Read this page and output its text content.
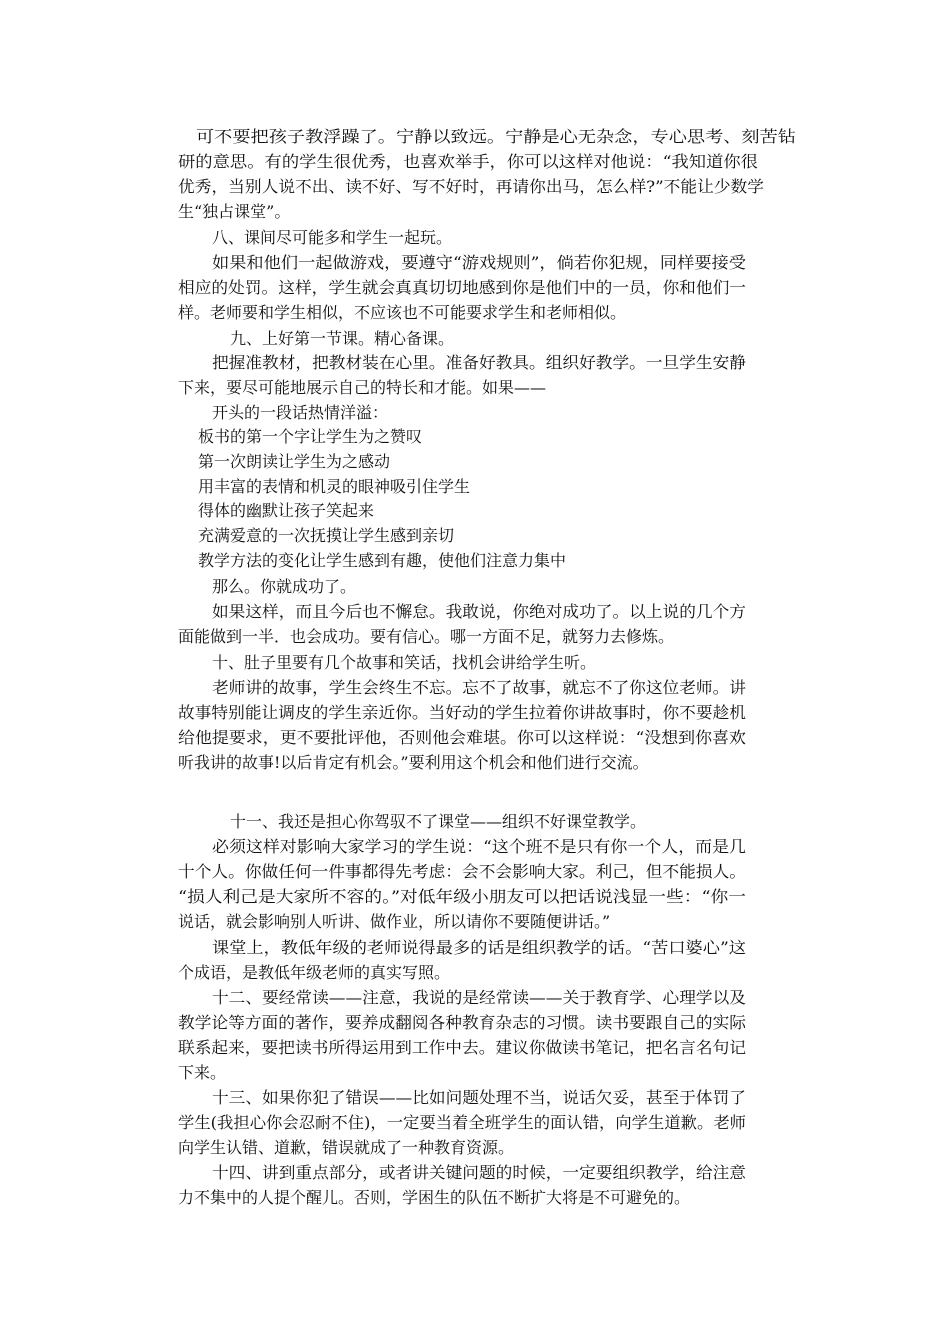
可不要把孩子教浮躁了。宁静以致远。宁静是心无杂念，专心思考、刻苦钻
研的意思。有的学生很优秀，也喜欢举手，你可以这样对他说：“我知道你很
优秀，当别人说不出、读不好、写不好时，再请你出马，怎么样?”不能让少数学
生“独占课堂”。
八、课间尽可能多和学生一起玩。
如果和他们一起做游戏，要遵守“游戏规则”，倘若你犯规，同样要接受
相应的处罚。这样，学生就会真真切切地感到你是他们中的一员，你和他们一
样。老师要和学生相似，不应该也不可能要求学生和老师相似。
九、上好第一节课。精心备课。
把握准教材，把教材装在心里。准备好教具。组织好教学。一旦学生安静
下来，要尽可能地展示自己的特长和才能。如果——
开头的一段话热情洋溢：
板书的第一个字让学生为之赞叹
第一次朗读让学生为之感动
用丰富的表情和机灵的眼神吸引住学生
得体的幽默让孩子笑起来
充满爱意的一次抚摸让学生感到亲切
教学方法的变化让学生感到有趣，使他们注意力集中
那么。你就成功了。
如果这样，而且今后也不懈怠。我敢说，你绝对成功了。以上说的几个方
面能做到一半．也会成功。要有信心。哪一方面不足，就努力去修炼。
十、肚子里要有几个故事和笑话，找机会讲给学生听。
老师讲的故事，学生会终生不忘。忘不了故事，就忘不了你这位老师。讲
故事特别能让调皮的学生亲近你。当好动的学生拉着你讲故事时，你不要趁机
给他提要求，更不要批评他，否则他会难堪。你可以这样说：“没想到你喜欢
听我讲的故事!以后肯定有机会。”要利用这个机会和他们进行交流。
十一、我还是担心你驾驭不了课堂——组织不好课堂教学。
必须这样对影响大家学习的学生说：“这个班不是只有你一个人，而是几
十个人。你做任何一件事都得先考虑：会不会影响大家。利己，但不能损人。
“损人利己是大家所不容的。”对低年级小朋友可以把话说浅显一些：“你一
说话，就会影响别人听讲、做作业，所以请你不要随便讲话。”
课堂上，教低年级的老师说得最多的话是组织教学的话。“苦口婆心”这
个成语，是教低年级老师的真实写照。
十二、要经常读——注意，我说的是经常读——关于教育学、心理学以及
教学论等方面的著作，要养成翻阅各种教育杂志的习惯。读书要跟自己的实际
联系起来，要把读书所得运用到工作中去。建议你做读书笔记，把名言名句记
下来。
十三、如果你犯了错误——比如问题处理不当，说话欠妥，甚至于体罚了
学生(我担心你会忍耐不住)，一定要当着全班学生的面认错，向学生道歉。老师
向学生认错、道歉，错误就成了一种教育资源。
十四、讲到重点部分，或者讲关键问题的时候，一定要组织教学，给注意
力不集中的人提个醒儿。否则，学困生的队伍不断扩大将是不可避免的。
